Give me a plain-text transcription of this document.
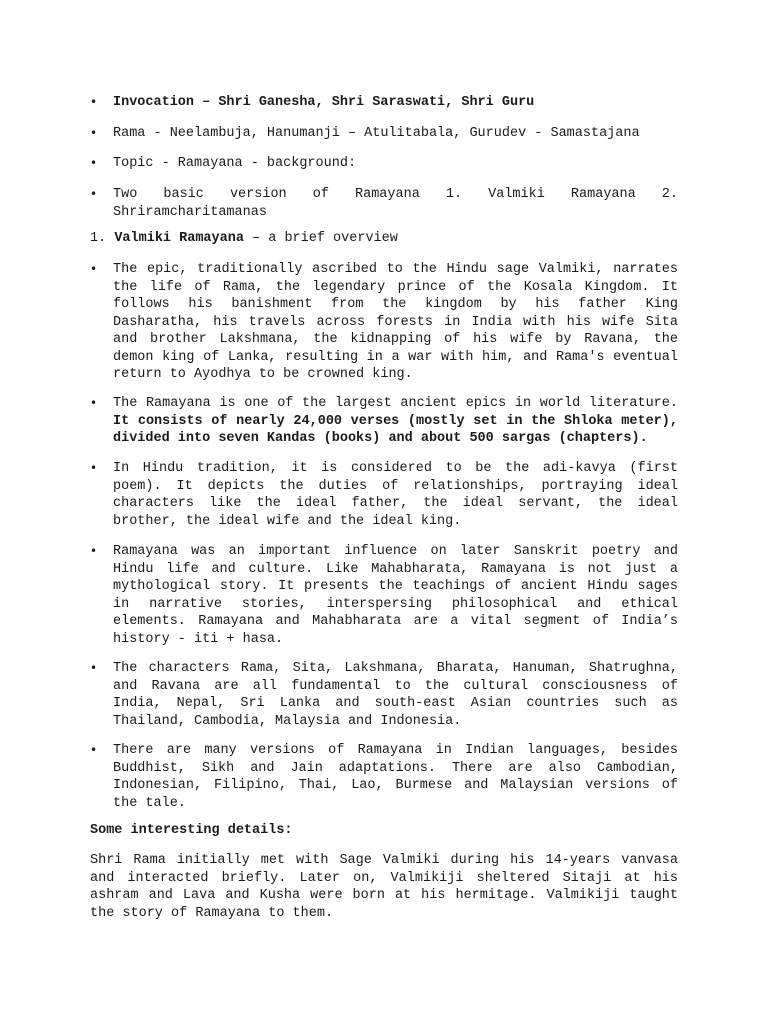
•	Invocation – Shri Ganesha, Shri Saraswati, Shri Guru
•	Rama - Neelambuja, Hanumanji – Atulitabala, Gurudev - Samastajana
•	Topic - Ramayana - background:
•	Two basic version of Ramayana 1. Valmiki Ramayana 2.
Shriramcharitamanas
1. Valmiki Ramayana – a brief overview
•	The epic, traditionally ascribed to the Hindu sage Valmiki, narrates the life of Rama, the legendary prince of the Kosala Kingdom. It follows his banishment from the kingdom by his father King Dasharatha, his travels across forests in India with his wife Sita and brother Lakshmana, the kidnapping of his wife by Ravana, the demon king of Lanka, resulting in a war with him, and Rama's eventual return to Ayodhya to be crowned king.
•	The Ramayana is one of the largest ancient epics in world literature. It consists of nearly 24,000 verses (mostly set in the Shloka meter), divided into seven Kandas (books) and about 500 sargas (chapters).
•	In Hindu tradition, it is considered to be the adi-kavya (first poem). It depicts the duties of relationships, portraying ideal characters like the ideal father, the ideal servant, the ideal brother, the ideal wife and the ideal king.
•	Ramayana was an important influence on later Sanskrit poetry and Hindu life and culture. Like Mahabharata, Ramayana is not just a mythological story. It presents the teachings of ancient Hindu sages in narrative stories, interspersing philosophical and ethical elements. Ramayana and Mahabharata are a vital segment of India’s history - iti + hasa.
•	The characters Rama, Sita, Lakshmana, Bharata, Hanuman, Shatrughna, and Ravana are all fundamental to the cultural consciousness of India, Nepal, Sri Lanka and south-east Asian countries such as Thailand, Cambodia, Malaysia and Indonesia.
•	There are many versions of Ramayana in Indian languages, besides Buddhist, Sikh and Jain adaptations. There are also Cambodian, Indonesian, Filipino, Thai, Lao, Burmese and Malaysian versions of the tale.
Some interesting details:
Shri Rama initially met with Sage Valmiki during his 14-years vanvasa and interacted briefly. Later on, Valmikiji sheltered Sitaji at his ashram and Lava and Kusha were born at his hermitage. Valmikiji taught the story of Ramayana to them.
